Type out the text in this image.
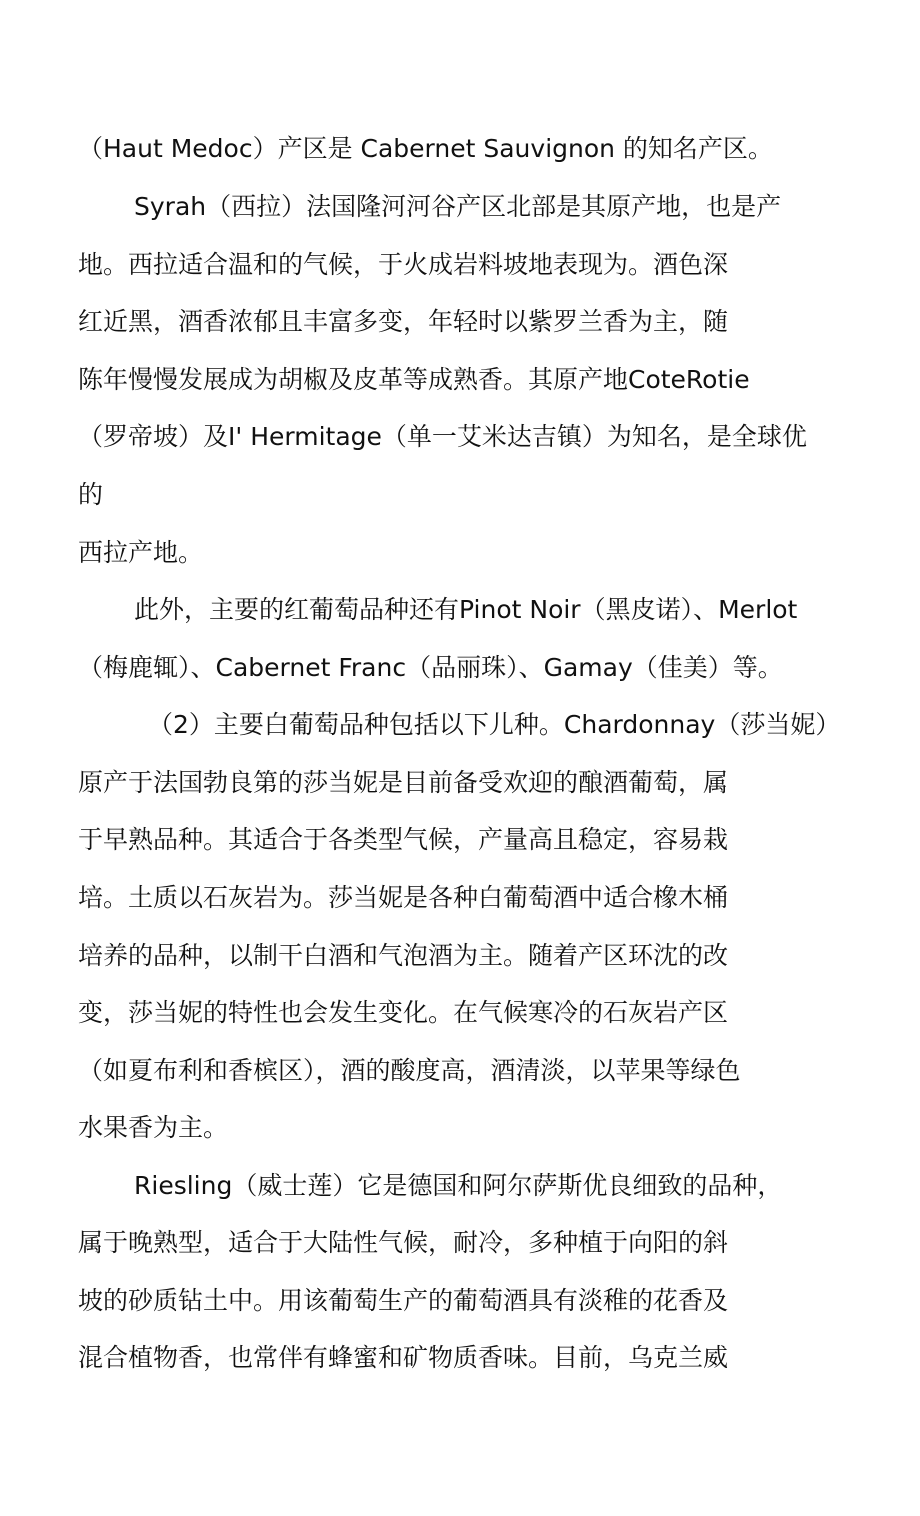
（Haut Medoc）产区是 Cabernet Sauvignon 的知名产区。
Syrah（西拉）法国隆河河谷产区北部是其原产地，也是产
地。西拉适合温和的气候，于火成岩料坡地表现为。酒色深
红近黑，酒香浓郁且丰富多变，年轻时以紫罗兰香为主，随
陈年慢慢发展成为胡椒及皮革等成熟香。其原产地CoteRotie
（罗帝坡）及I' Hermitage（单一艾米达吉镇）为知名，是全球优
的
西拉产地。
此外，主要的红葡萄品种还有Pinot Noir（黑皮诺）、Merlot
（梅鹿辄）、Cabernet Franc（品丽珠）、Gamay（佳美）等。
（2）主要白葡萄品种包括以下儿种。Chardonnay（莎当妮）
原产于法国勃良第的莎当妮是目前备受欢迎的酿酒葡萄，属
于早熟品种。其适合于各类型气候，产量高且稳定，容易栽
培。土质以石灰岩为。莎当妮是各种白葡萄酒中适合橡木桶
培养的品种，以制干白酒和气泡酒为主。随着产区环沈的改
变，莎当妮的特性也会发生变化。在气候寒冷的石灰岩产区
（如夏布利和香槟区），酒的酸度高，酒清淡，以苹果等绿色
水果香为主。
Riesling（威士莲）它是德国和阿尔萨斯优良细致的品种，
属于晚熟型，适合于大陆性气候，耐冷，多种植于向阳的斜
坡的砂质钻土中。用该葡萄生产的葡萄酒具有淡稚的花香及
混合植物香，也常伴有蜂蜜和矿物质香味。目前，乌克兰威
